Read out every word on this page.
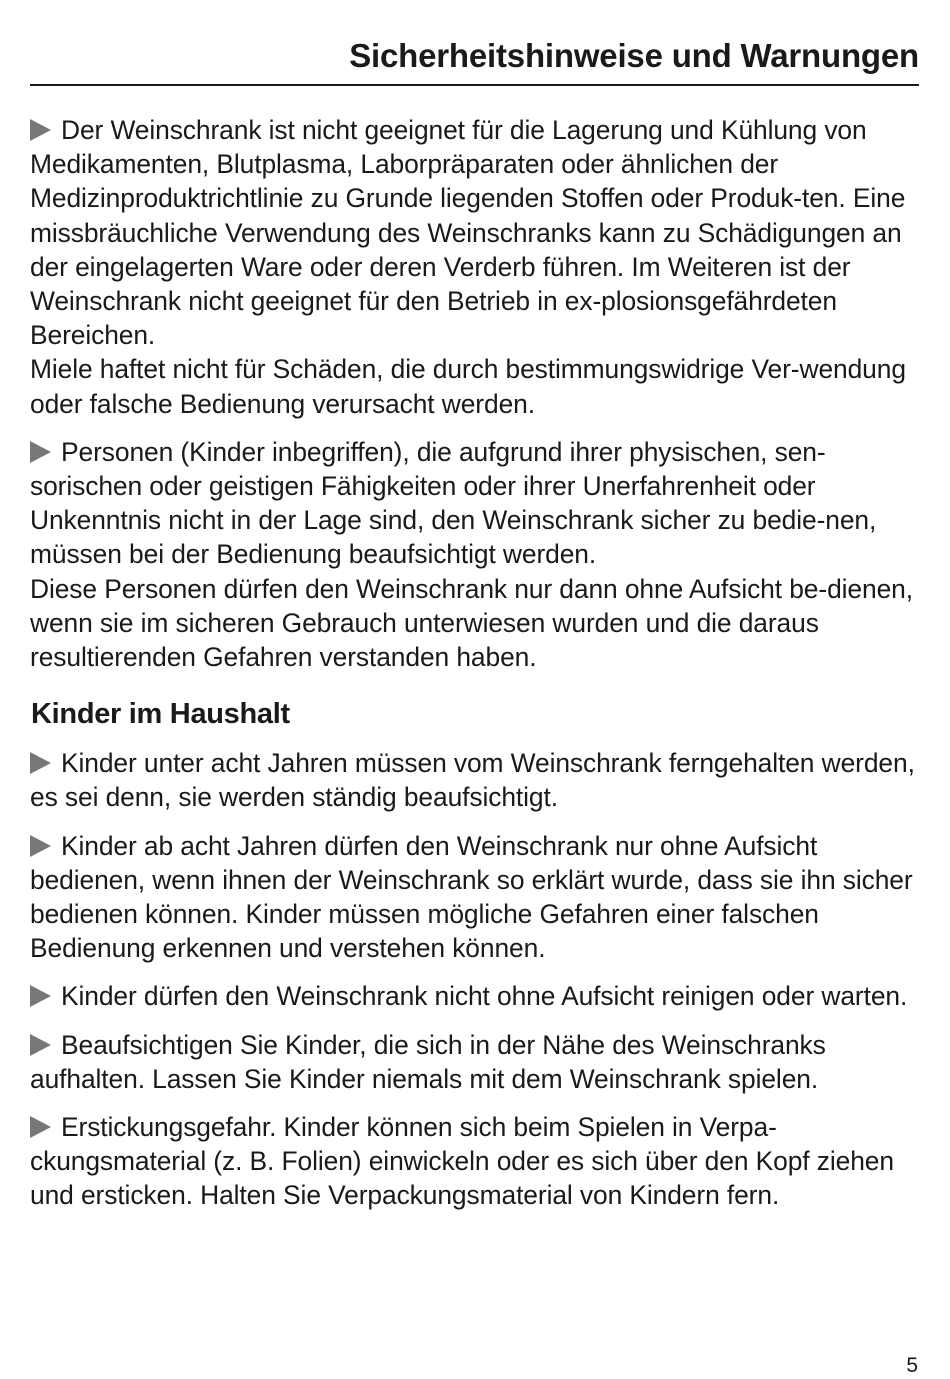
Sicherheitshinweise und Warnungen

Der Weinschrank ist nicht geeignet für die Lagerung und Kühlung von Medikamenten, Blutplasma, Laborpräparaten oder ähnlichen der Medizinproduktrichtlinie zu Grunde liegenden Stoffen oder Produk-ten. Eine missbräuchliche Verwendung des Weinschranks kann zu Schädigungen an der eingelagerten Ware oder deren Verderb führen. Im Weiteren ist der Weinschrank nicht geeignet für den Betrieb in ex-plosionsgefährdeten Bereichen.

Miele haftet nicht für Schäden, die durch bestimmungswidrige Ver-wendung oder falsche Bedienung verursacht werden.

Personen (Kinder inbegriffen), die aufgrund ihrer physischen, sen-sorischen oder geistigen Fähigkeiten oder ihrer Unerfahrenheit oder Unkenntnis nicht in der Lage sind, den Weinschrank sicher zu bedie-nen, müssen bei der Bedienung beaufsichtigt werden.

Diese Personen dürfen den Weinschrank nur dann ohne Aufsicht be-dienen, wenn sie im sicheren Gebrauch unterwiesen wurden und die daraus resultierenden Gefahren verstanden haben.

Kinder im Haushalt

Kinder unter acht Jahren müssen vom Weinschrank ferngehalten werden, es sei denn, sie werden ständig beaufsichtigt.

Kinder ab acht Jahren dürfen den Weinschrank nur ohne Aufsicht bedienen, wenn ihnen der Weinschrank so erklärt wurde, dass sie ihn sicher bedienen können. Kinder müssen mögliche Gefahren einer falschen Bedienung erkennen und verstehen können.

Kinder dürfen den Weinschrank nicht ohne Aufsicht reinigen oder warten.

Beaufsichtigen Sie Kinder, die sich in der Nähe des Weinschranks aufhalten. Lassen Sie Kinder niemals mit dem Weinschrank spielen.

Erstickungsgefahr. Kinder können sich beim Spielen in Verpa-ckungsmaterial (z. B. Folien) einwickeln oder es sich über den Kopf ziehen und ersticken. Halten Sie Verpackungsmaterial von Kindern fern.

5
